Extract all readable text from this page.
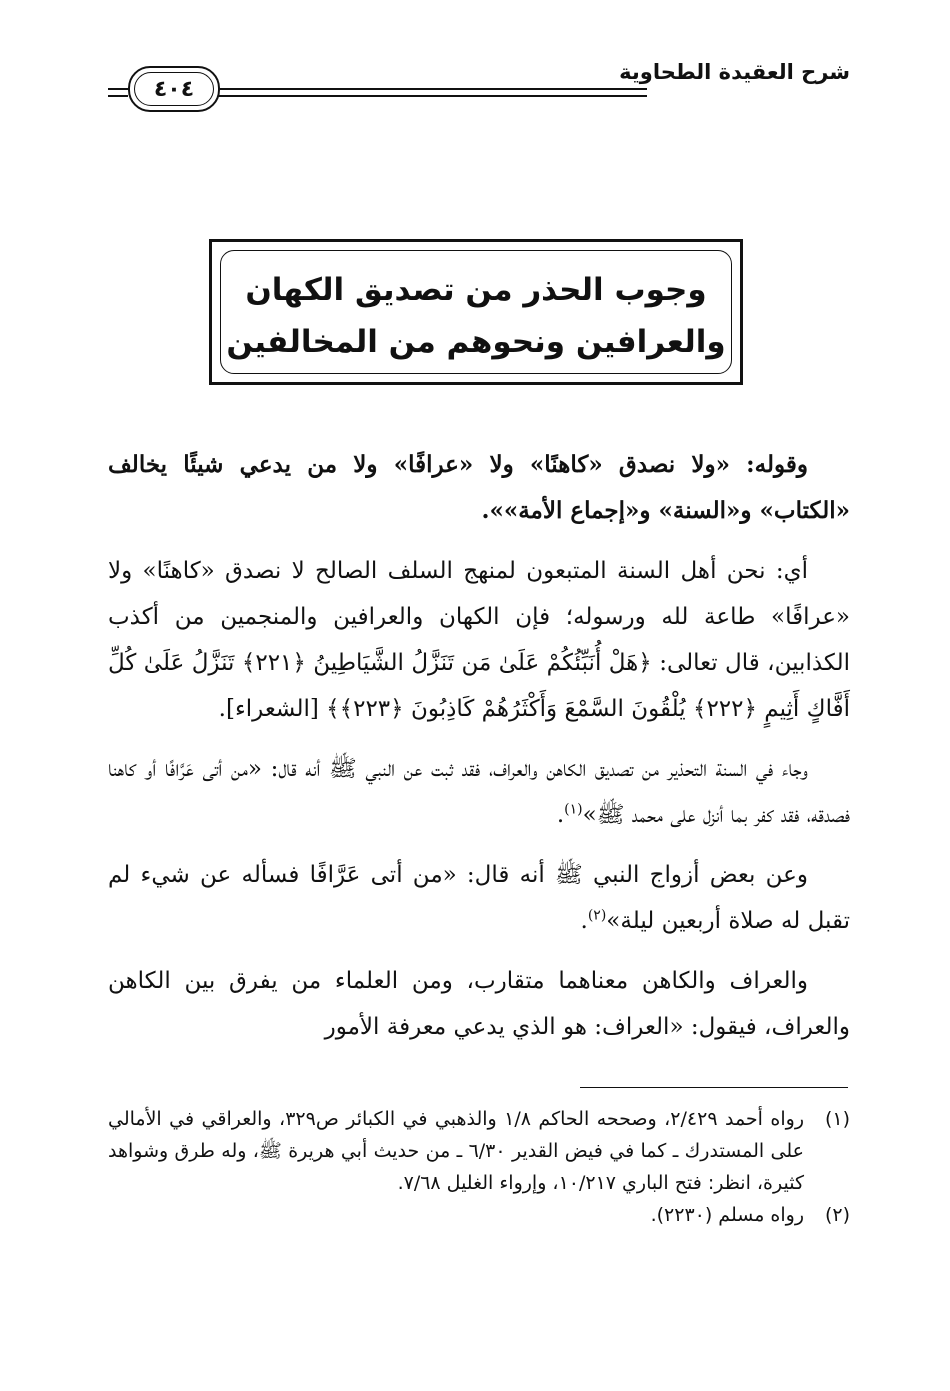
شرح العقيدة الطحاوية
٤٠٤
وجوب الحذر من تصديق الكهان
والعرافين ونحوهم من المخالفين

وقوله: «ولا نصدق «كاهنًا» ولا «عرافًا» ولا من يدعي شيئًا يخالف «الكتاب» و«السنة» و«إجماع الأمة»».

أي: نحن أهل السنة المتبعون لمنهج السلف الصالح لا نصدق «كاهنًا» ولا «عرافًا» طاعة لله ورسوله؛ فإن الكهان والعرافين والمنجمين من أكذب الكذابين، قال تعالى: ﴿هَلْ أُنَبِّئُكُمْ عَلَىٰ مَن تَنَزَّلُ الشَّيَاطِينُ ﴿٢٢١﴾ تَنَزَّلُ عَلَىٰ كُلِّ أَفَّاكٍ أَثِيمٍ ﴿٢٢٢﴾ يُلْقُونَ السَّمْعَ وَأَكْثَرُهُمْ كَاذِبُونَ ﴿٢٢٣﴾﴾ [الشعراء].

وجاء في السنة التحذير من تصديق الكاهن والعراف، فقد ثبت عن النبي ﷺ أنه قال: «من أتى عَرَّافًا أو كاهنا فصدقه، فقد كفر بما أنزل على محمد ﷺ»$^{(١)}$.

وعن بعض أزواج النبي ﷺ أنه قال: «من أتى عَرَّافًا فسأله عن شيء لم تقبل له صلاة أربعين ليلة»$^{(٢)}$.

والعراف والكاهن معناهما متقارب، ومن العلماء من يفرق بين الكاهن والعراف، فيقول: «العراف: هو الذي يدعي معرفة الأمور

(١)
رواه أحمد ٢/٤٢٩، وصححه الحاكم ١/٨ والذهبي في الكبائر ص٣٢٩، والعراقي في الأمالي على المستدرك ـ كما في فيض القدير ٦/٣٠ ـ من حديث أبي هريرة ﷺ، وله طرق وشواهد كثيرة، انظر: فتح الباري ١٠/٢١٧، وإرواء الغليل ٧/٦٨.
(٢)
رواه مسلم (٢٢٣٠).
